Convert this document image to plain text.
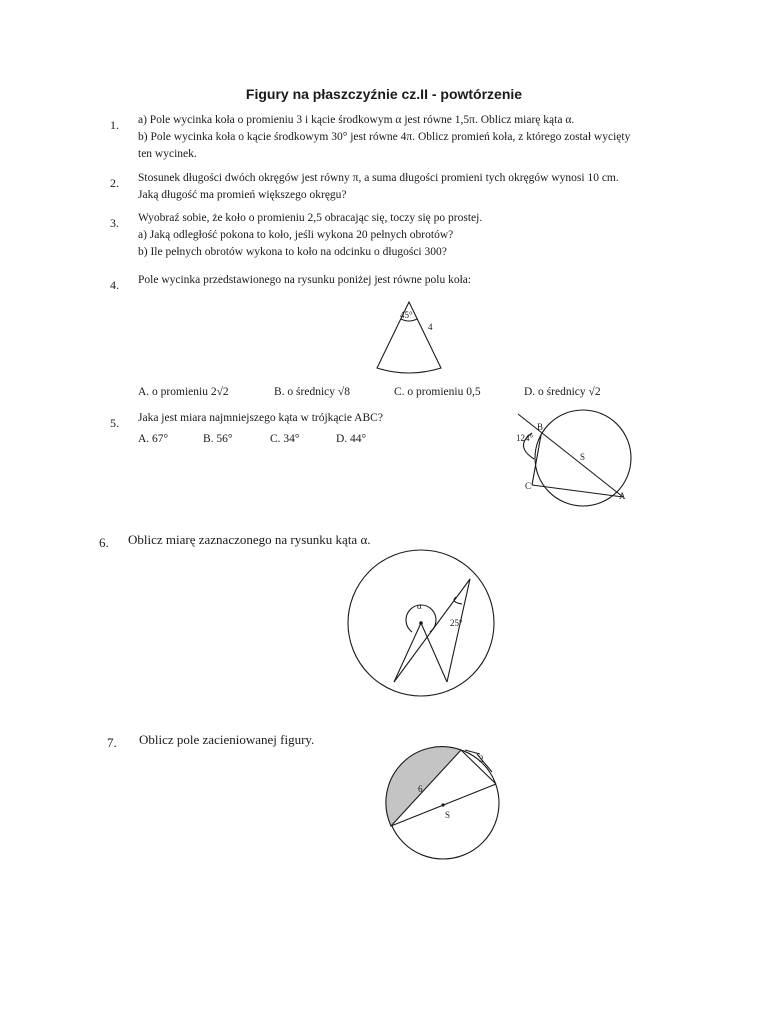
Figury na płaszczyźnie cz.II - powtórzenie
1. a) Pole wycinka koła o promieniu 3 i kącie środkowym α jest równe 1,5π. Oblicz miarę kąta α.
b) Pole wycinka koła o kącie środkowym 30° jest równe 4π. Oblicz promień koła, z którego został wycięty
ten wycinek.
2. Stosunek długości dwóch okręgów jest równy π, a suma długości promieni tych okręgów wynosi 10 cm.
Jaką długość ma promień większego okręgu?
3. Wyobraź sobie, że koło o promieniu 2,5 obracając się, toczy się po prostej.
a) Jaką odległość pokona to koło, jeśli wykona 20 pełnych obrotów?
b) Ile pełnych obrotów wykona to koło na odcinku o długości 300?
4. Pole wycinka przedstawionego na rysunku poniżej jest równe polu koła:
45°
4
A. o promieniu 2√2	B. o średnicy √8	C. o promieniu 0,5	D. o średnicy √2
5. Jaka jest miara najmniejszego kąta w trójkącie ABC?
A. 67°	B. 56°	C. 34°	D. 44°	124°
B
S
C
A
6. Oblicz miarę zaznaczonego na rysunku kąta α.
α
25°
7. Oblicz pole zacieniowanej figury.
6
2
S
